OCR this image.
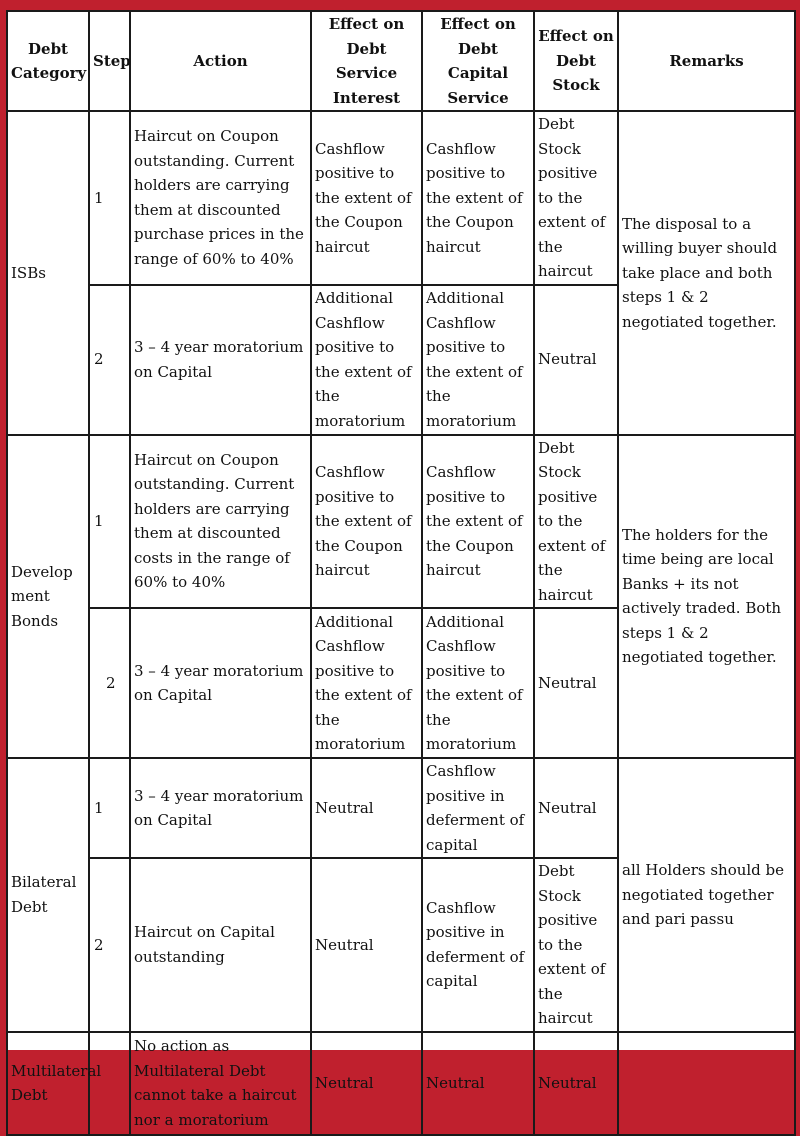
Debt Category	Step	Action	Effect on Debt Service Interest	Effect on Debt Capital Service	Effect on Debt Stock	Remarks
ISBs	1	Haircut on Coupon outstanding. Current holders are carrying them at discounted purchase prices in the range of 60% to 40%	Cashflow positive to the extent of the Coupon haircut	Cashflow positive to the extent of the Coupon haircut	Debt Stock positive to the extent of the haircut	The disposal to a willing buyer should take place and both steps 1 & 2 negotiated together.
	2	3 – 4 year moratorium on Capital	Additional Cashflow positive to the extent of the moratorium	Additional Cashflow positive to the extent of the moratorium	Neutral	
Develop ment Bonds	1	Haircut on Coupon outstanding. Current holders are carrying them at discounted costs in the range of 60% to 40%	Cashflow positive to the extent of the Coupon haircut	Cashflow positive to the extent of the Coupon haircut	Debt Stock positive to the extent of the haircut	The holders for the time being are local Banks + its not actively traded. Both steps 1 & 2 negotiated together.
	2	3 – 4 year moratorium on Capital	Additional Cashflow positive to the extent of the moratorium	Additional Cashflow positive to the extent of the moratorium	Neutral	
Bilateral Debt	1	3 – 4 year moratorium on Capital	Neutral	Cashflow positive in deferment of capital	Neutral	all Holders should be negotiated together and pari passu
	2	Haircut on Capital outstanding	Neutral	Cashflow positive in deferment of capital	Debt Stock positive to the extent of the haircut	
Multilateral Debt		No action as Multilateral Debt cannot take a haircut nor a moratorium	Neutral	Neutral	Neutral	
